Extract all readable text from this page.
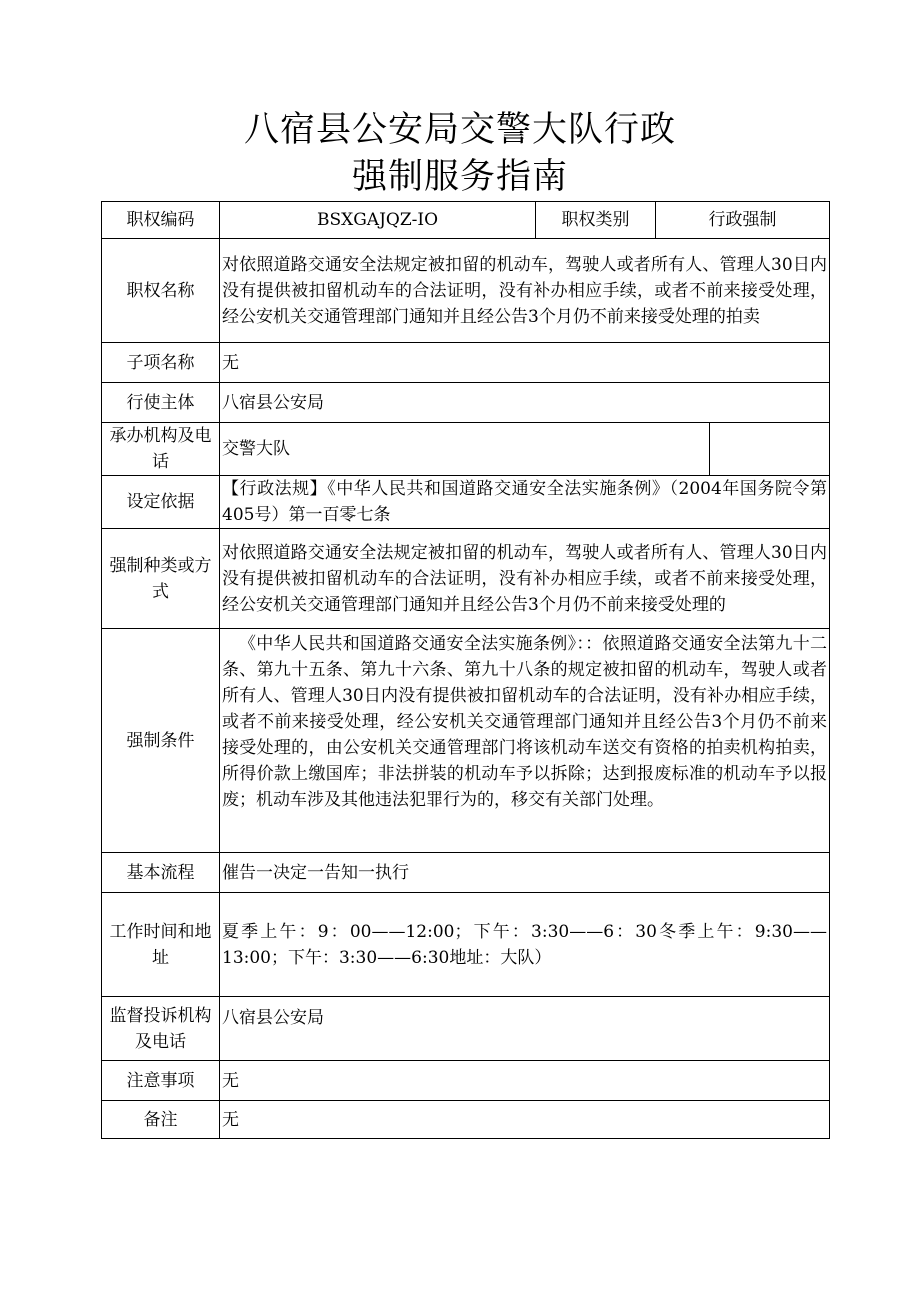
八宿县公安局交警大队行政
强制服务指南
职权编码	BSXGAJQZ-IO	职权类别	行政强制	
职权名称	对依照道路交通安全法规定被扣留的机动车，驾驶人或者所有人、管理人30日内没有提供被扣留机动车的合法证明，没有补办相应手续，或者不前来接受处理，经公安机关交通管理部门通知并且经公告3个月仍不前来接受处理的拍卖			
子项名称	无			
行使主体	八宿县公安局			
承办机构及电话	交警大队			
设定依据	【行政法规】《中华人民共和国道路交通安全法实施条例》（2004年国务院令第405号）第一百零七条			
强制种类或方式	对依照道路交通安全法规定被扣留的机动车，驾驶人或者所有人、管理人30日内没有提供被扣留机动车的合法证明，没有补办相应手续，或者不前来接受处理，经公安机关交通管理部门通知并且经公告3个月仍不前来接受处理的			
强制条件	《中华人民共和国道路交通安全法实施条例》：：依照道路交通安全法第九十二条、第九十五条、第九十六条、第九十八条的规定被扣留的机动车，驾驶人或者所有人、管理人30日内没有提供被扣留机动车的合法证明，没有补办相应手续，或者不前来接受处理，经公安机关交通管理部门通知并且经公告3个月仍不前来接受处理的，由公安机关交通管理部门将该机动车送交有资格的拍卖机构拍卖，所得价款上缴国库；非法拼装的机动车予以拆除；达到报废标准的机动车予以报废；机动车涉及其他违法犯罪行为的，移交有关部门处理。			
基本流程	催告一决定一告知一执行			
工作时间和地址	夏季上午：9：00——12:00；下午：3:30——6：30冬季上午：9:30——13:00；下午：3:30——6:30地址：大队）			
监督投诉机构及电话	八宿县公安局			
注意事项	无			
备注	无			
